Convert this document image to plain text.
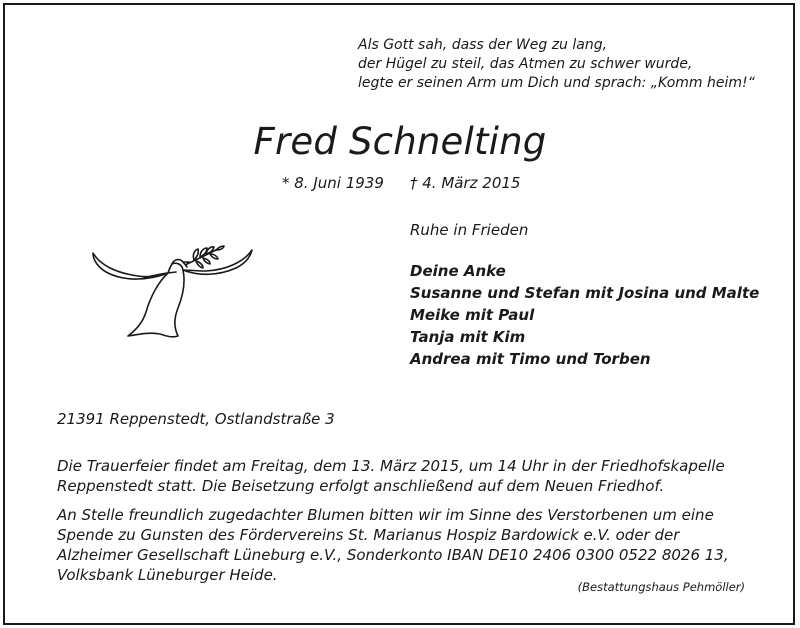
Als Gott sah, dass der Weg zu lang,
der Hügel zu steil, das Atmen zu schwer wurde,
legte er seinen Arm um Dich und sprach: „Komm heim!“
Fred Schnelting
* 8. Juni 1939 † 4. März 2015
Ruhe in Frieden
Deine Anke
Susanne und Stefan mit Josina und Malte
Meike mit Paul
Tanja mit Kim
Andrea mit Timo und Torben
21391 Reppenstedt, Ostlandstraße 3
Die Trauerfeier findet am Freitag, dem 13. März 2015, um 14 Uhr in der Friedhofskapelle
Reppenstedt statt. Die Beisetzung erfolgt anschließend auf dem Neuen Friedhof.
An Stelle freundlich zugedachter Blumen bitten wir im Sinne des Verstorbenen um eine
Spende zu Gunsten des Fördervereins St. Marianus Hospiz Bardowick e.V. oder der
Alzheimer Gesellschaft Lüneburg e.V., Sonderkonto IBAN DE10 2406 0300 0522 8026 13,
Volksbank Lüneburger Heide.
(Bestattungshaus Pehmöller)
